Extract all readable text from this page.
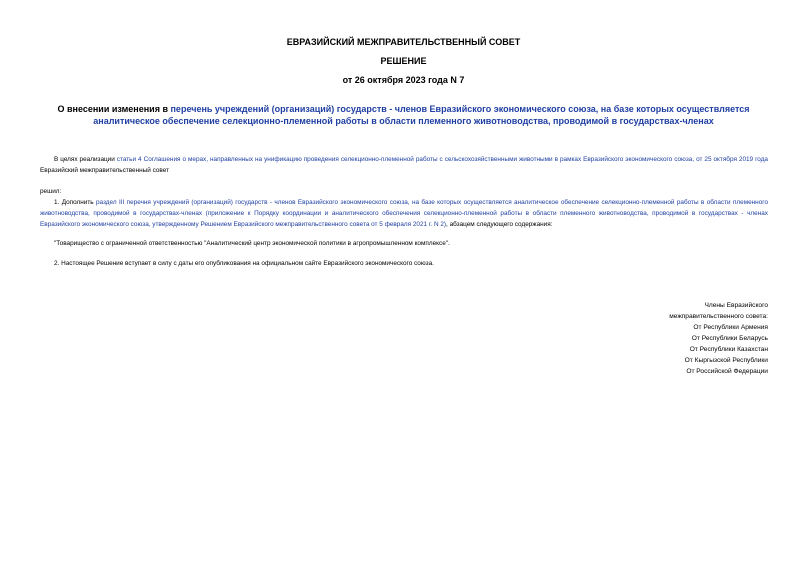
ЕВРАЗИЙСКИЙ МЕЖПРАВИТЕЛЬСТВЕННЫЙ СОВЕТ
РЕШЕНИЕ
от 26 октября 2023 года N 7
О внесении изменения в перечень учреждений (организаций) государств - членов Евразийского экономического союза, на базе которых осуществляется аналитическое обеспечение селекционно-племенной работы в области племенного животноводства, проводимой в государствах-членах
В целях реализации статьи 4 Соглашения о мерах, направленных на унификацию проведения селекционно-племенной работы с сельскохозяйственными животными в рамках Евразийского экономического союза, от 25 октября 2019 года Евразийский межправительственный совет
решил:
1. Дополнить раздел III перечня учреждений (организаций) государств - членов Евразийского экономического союза, на базе которых осуществляется аналитическое обеспечение селекционно-племенной работы в области племенного животноводства, проводимой в государствах-членах (приложение к Порядку координации и аналитического обеспечения селекционно-племенной работы в области племенного животноводства, проводимой в государствах - членах Евразийского экономического союза, утвержденному Решением Евразийского межправительственного совета от 5 февраля 2021 г. N 2), абзацем следующего содержания:
"Товарищество с ограниченной ответственностью "Аналитический центр экономической политики в агропромышленном комплексе".
2. Настоящее Решение вступает в силу с даты его опубликования на официальном сайте Евразийского экономического союза.
Члены Евразийского
межправительственного совета:
От Республики Армения
От Республики Беларусь
От Республики Казахстан
От Кыргызской Республики
От Российской Федерации
